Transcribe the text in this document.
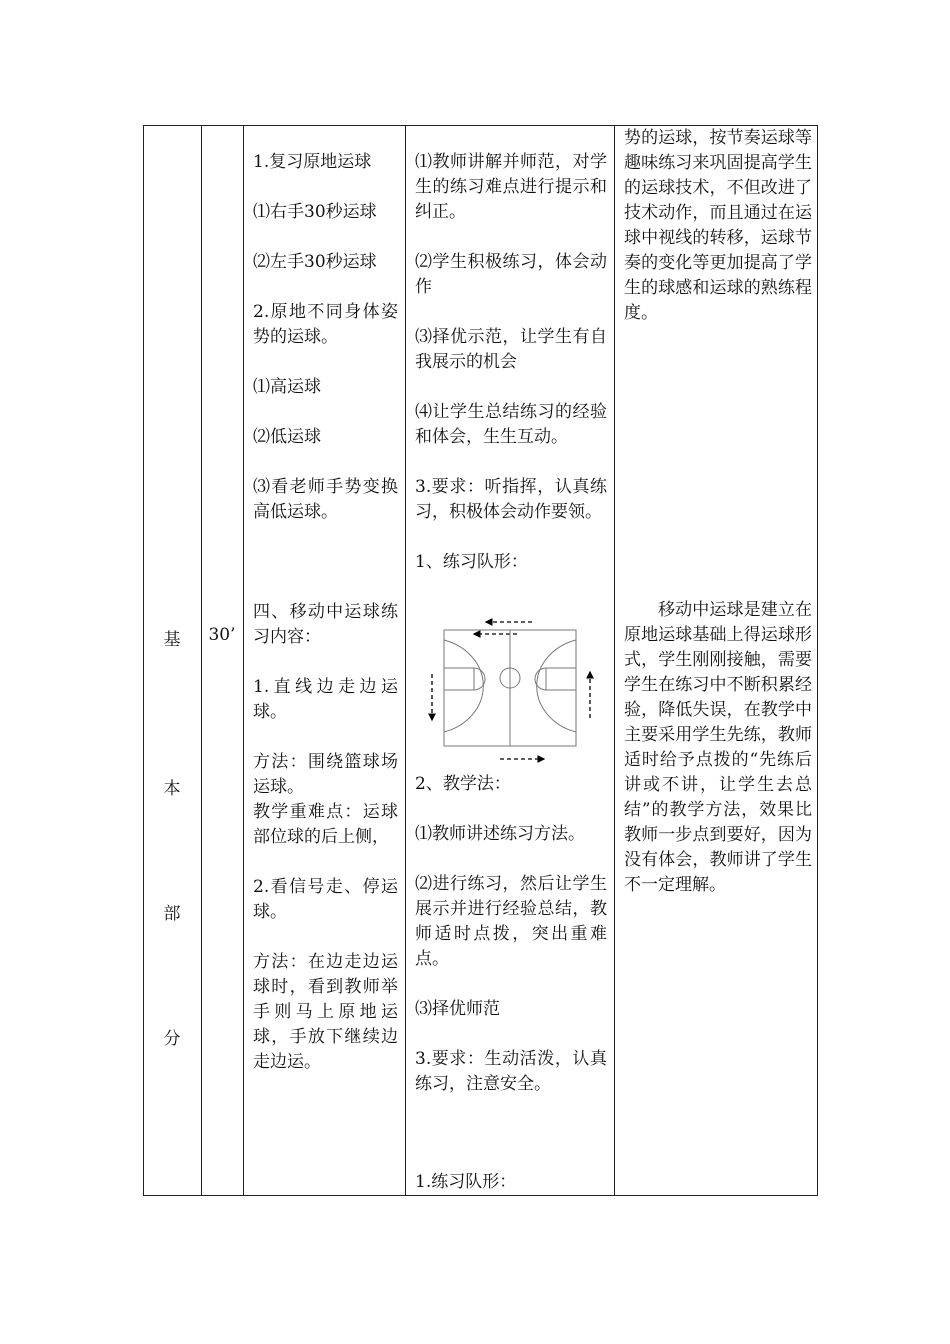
基
本
部
分
30’

1.复习原地运球

⑴右手30秒运球

⑵左手30秒运球

2.原地不同身体姿势的运球。

⑴高运球

⑵低运球

⑶看老师手势变换高低运球。

四、移动中运球练习内容：

1.直线边走边运球。

方法：围绕篮球场运球。

教学重难点：运球部位球的后上侧，

2.看信号走、停运球。

方法：在边走边运球时，看到教师举手则马上原地运球，手放下继续边走边运。

⑴教师讲解并师范，对学生的练习难点进行提示和纠正。

⑵学生积极练习，体会动作

⑶择优示范，让学生有自我展示的机会

⑷让学生总结练习的经验和体会，生生互动。

3.要求：听指挥，认真练习，积极体会动作要领。

1、练习队形：

2、教学法：

⑴教师讲述练习方法。

⑵进行练习，然后让学生展示并进行经验总结，教师适时点拨，突出重难点。

⑶择优师范

3.要求：生动活泼，认真练习，注意安全。

1.练习队形：
势的运球，按节奏运球等趣味练习来巩固提高学生的运球技术，不但改进了技术动作，而且通过在运球中视线的转移，运球节奏的变化等更加提高了学生的球感和运球的熟练程度。
移动中运球是建立在原地运球基础上得运球形式，学生刚刚接触，需要学生在练习中不断积累经验，降低失误，在教学中主要采用学生先练，教师适时给予点拨的“先练后讲或不讲，让学生去总结”的教学方法，效果比教师一步点到要好，因为没有体会，教师讲了学生不一定理解。
